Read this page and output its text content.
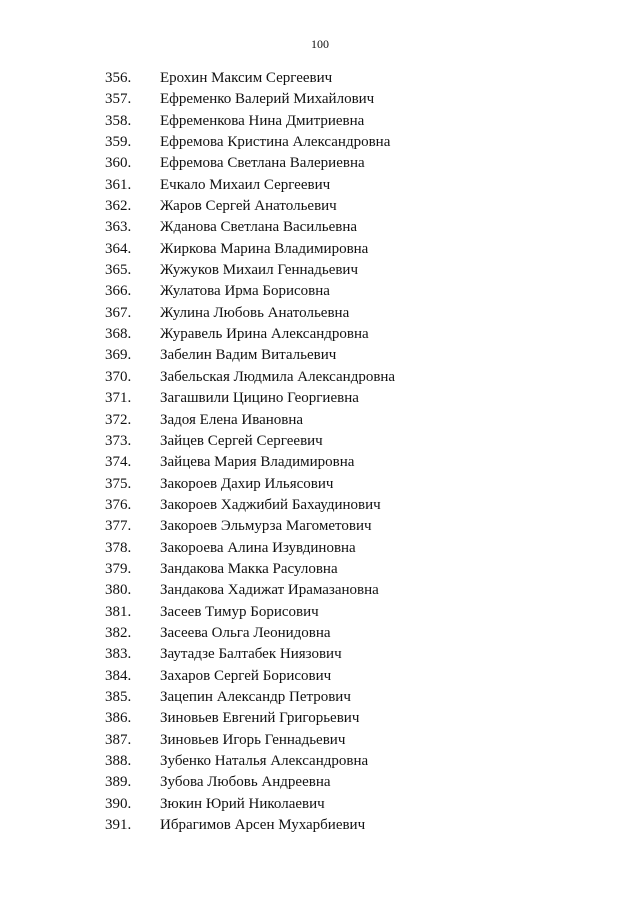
100
356. Ерохин Максим Сергеевич
357. Ефременко Валерий Михайлович
358. Ефременкова Нина Дмитриевна
359. Ефремова Кристина Александровна
360. Ефремова Светлана Валериевна
361. Ечкало Михаил Сергеевич
362. Жаров Сергей Анатольевич
363. Жданова Светлана Васильевна
364. Жиркова Марина Владимировна
365. Жужуков Михаил Геннадьевич
366. Жулатова Ирма Борисовна
367. Жулина Любовь Анатольевна
368. Журавель Ирина Александровна
369. Забелин Вадим Витальевич
370. Забельская Людмила Александровна
371. Загашвили Цицино Георгиевна
372. Задоя Елена Ивановна
373. Зайцев Сергей Сергеевич
374. Зайцева Мария Владимировна
375. Закороев Дахир Ильясович
376. Закороев Хаджибий Бахаудинович
377. Закороев Эльмурза Магометович
378. Закороева Алина Изувдиновна
379. Зандакова Макка Расуловна
380. Зандакова Хадижат Ирамазановна
381. Засеев Тимур Борисович
382. Засеева Ольга Леонидовна
383. Заутадзе Балтабек Ниязович
384. Захаров Сергей Борисович
385. Зацепин Александр Петрович
386. Зиновьев Евгений Григорьевич
387. Зиновьев Игорь Геннадьевич
388. Зубенко Наталья Александровна
389. Зубова Любовь Андреевна
390. Зюкин Юрий Николаевич
391. Ибрагимов Арсен Мухарбиевич
